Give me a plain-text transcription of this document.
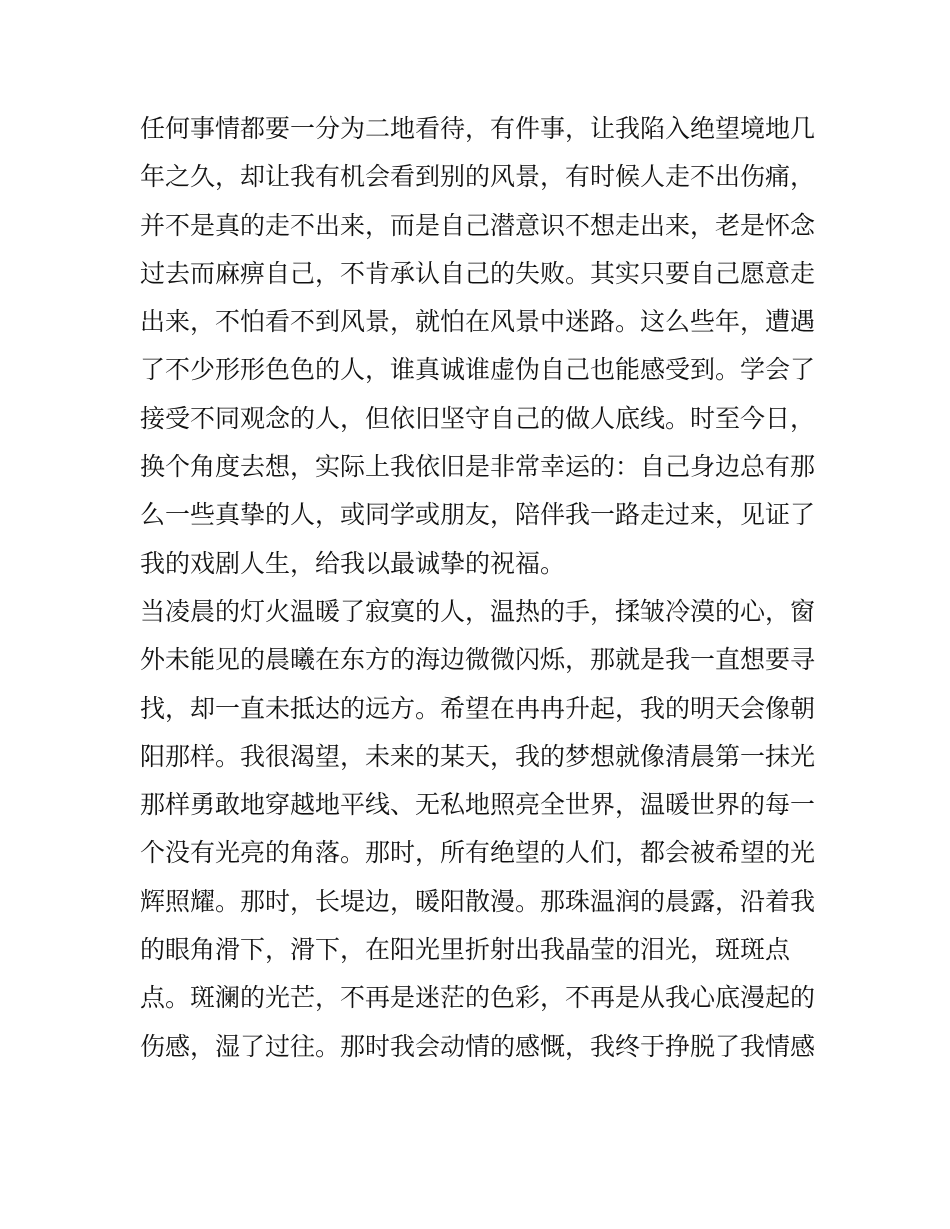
任何事情都要一分为二地看待，有件事，让我陷入绝望境地几
年之久，却让我有机会看到别的风景，有时候人走不出伤痛，
并不是真的走不出来，而是自己潜意识不想走出来，老是怀念
过去而麻痹自己，不肯承认自己的失败。其实只要自己愿意走
出来，不怕看不到风景，就怕在风景中迷路。这么些年，遭遇
了不少形形色色的人，谁真诚谁虚伪自己也能感受到。学会了
接受不同观念的人，但依旧坚守自己的做人底线。时至今日，
换个角度去想，实际上我依旧是非常幸运的：自己身边总有那
么一些真挚的人，或同学或朋友，陪伴我一路走过来，见证了
我的戏剧人生，给我以最诚挚的祝福。
当凌晨的灯火温暖了寂寞的人，温热的手，揉皱冷漠的心，窗
外未能见的晨曦在东方的海边微微闪烁，那就是我一直想要寻
找，却一直未抵达的远方。希望在冉冉升起，我的明天会像朝
阳那样。我很渴望，未来的某天，我的梦想就像清晨第一抹光
那样勇敢地穿越地平线、无私地照亮全世界，温暖世界的每一
个没有光亮的角落。那时，所有绝望的人们，都会被希望的光
辉照耀。那时，长堤边，暖阳散漫。那珠温润的晨露，沿着我
的眼角滑下，滑下，在阳光里折射出我晶莹的泪光，斑斑点
点。斑澜的光芒，不再是迷茫的色彩，不再是从我心底漫起的
伤感，湿了过往。那时我会动情的感慨，我终于挣脱了我情感
